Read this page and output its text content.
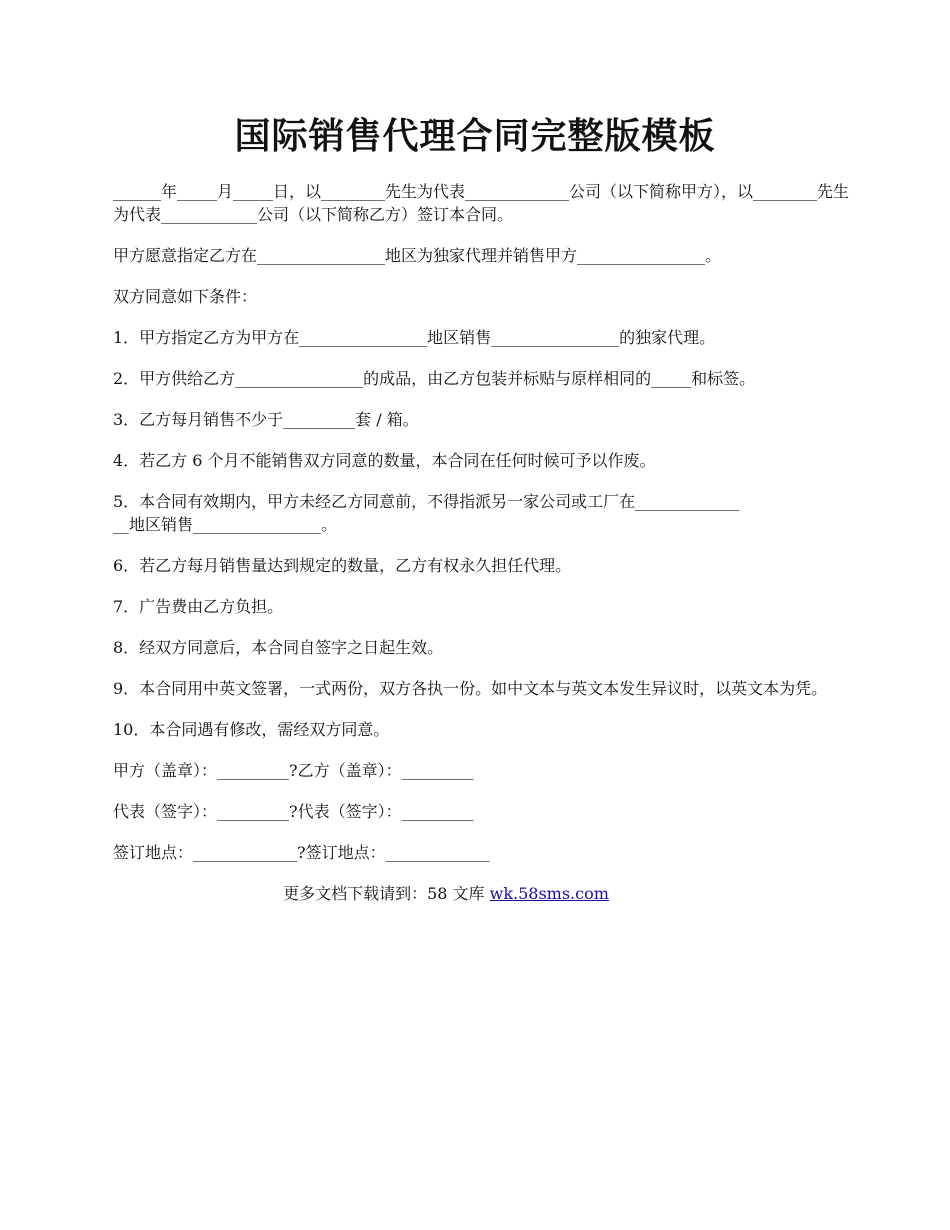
国际销售代理合同完整版模板

______年_____月_____日，以________先生为代表_____________公司（以下简称甲方），以________先生为代表____________公司（以下简称乙方）签订本合同。

甲方愿意指定乙方在________________地区为独家代理并销售甲方________________。

双方同意如下条件：

1．甲方指定乙方为甲方在________________地区销售________________的独家代理。

2．甲方供给乙方________________的成品，由乙方包装并标贴与原样相同的_____和标签。

3．乙方每月销售不少于_________套 / 箱。

4．若乙方 6 个月不能销售双方同意的数量，本合同在任何时候可予以作废。

5．本合同有效期内，甲方未经乙方同意前，不得指派另一家公司或工厂在_____________
__地区销售________________。

6．若乙方每月销售量达到规定的数量，乙方有权永久担任代理。

7．广告费由乙方负担。

8．经双方同意后，本合同自签字之日起生效。

9．本合同用中英文签署，一式两份，双方各执一份。如中文本与英文本发生异议时，以英文本为凭。

10．本合同遇有修改，需经双方同意。

甲方（盖章）：_________?乙方（盖章）：_________

代表（签字）：_________?代表（签字）：_________

签订地点：_____________?签订地点：_____________

更多文档下载请到：58 文库 wk.58sms.com
